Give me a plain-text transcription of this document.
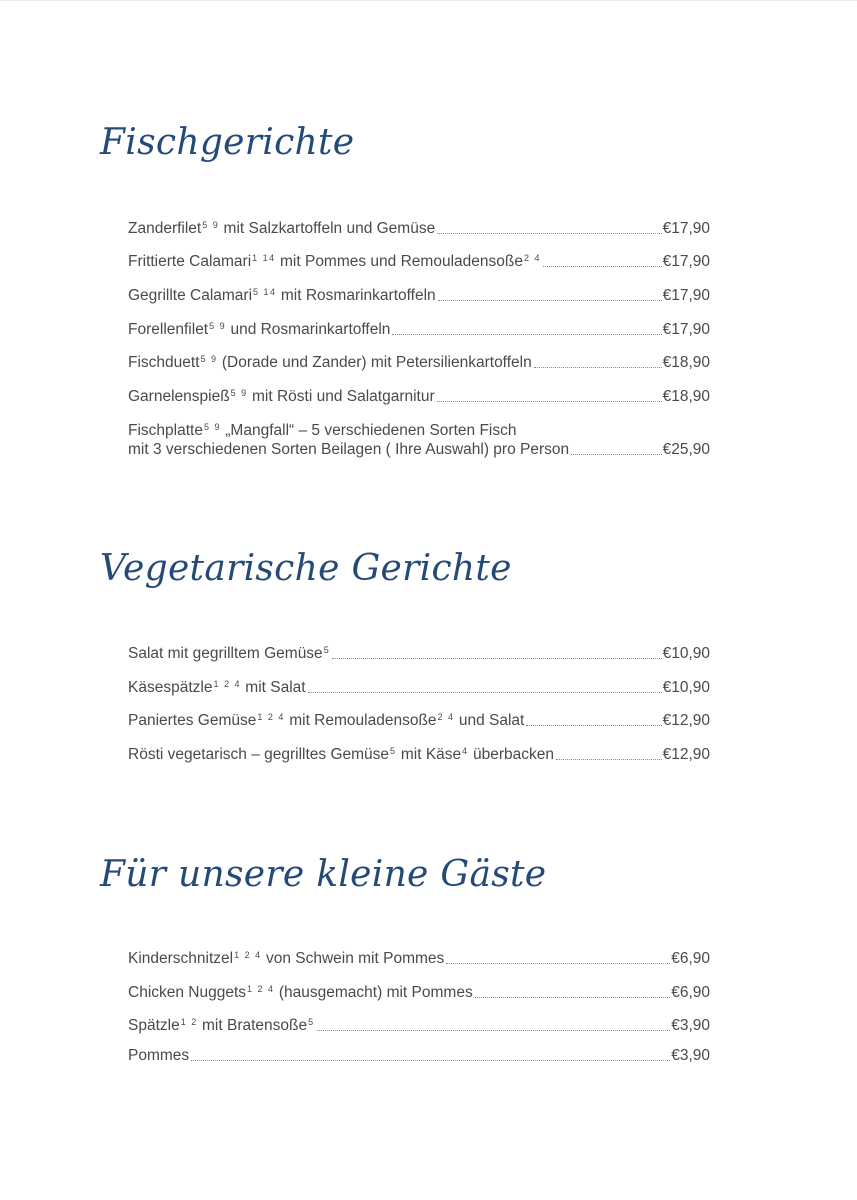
Fischgerichte
Zanderfilet$^{5 9}$ mit Salzkartoffeln und Gemüse	€17,90
Frittierte Calamari$^{1 14}$ mit Pommes und Remouladensoße$^{2 4}$	€17,90
Gegrillte Calamari$^{5 14}$ mit Rosmarinkartoffeln	€17,90
Forellenfilet$^{5 9}$ und Rosmarinkartoffeln	€17,90
Fischduett$^{5 9}$ (Dorade und Zander) mit Petersilienkartoffeln	€18,90
Garnelenspieß$^{5 9}$ mit Rösti und Salatgarnitur	€18,90
Fischplatte$^{5 9}$ „Mangfall“ – 5 verschiedenen Sorten Fisch
mit 3 verschiedenen Sorten Beilagen ( Ihre Auswahl) pro Person	€25,90
Vegetarische Gerichte
Salat mit gegrilltem Gemüse$^5$	€10,90
Käsespätzle$^{1 2 4}$ mit Salat	€10,90
Paniertes Gemüse$^{1 2 4}$ mit Remouladensoße$^{2 4}$ und Salat	€12,90
Rösti vegetarisch – gegrilltes Gemüse$^5$ mit Käse$^4$ überbacken	€12,90
Für unsere kleine Gäste
Kinderschnitzel$^{1 2 4}$ von Schwein mit Pommes	€6,90
Chicken Nuggets$^{1 2 4}$ (hausgemacht) mit Pommes	€6,90
Spätzle$^{1 2}$ mit Bratensoße$^5$	€3,90
Pommes	€3,90
